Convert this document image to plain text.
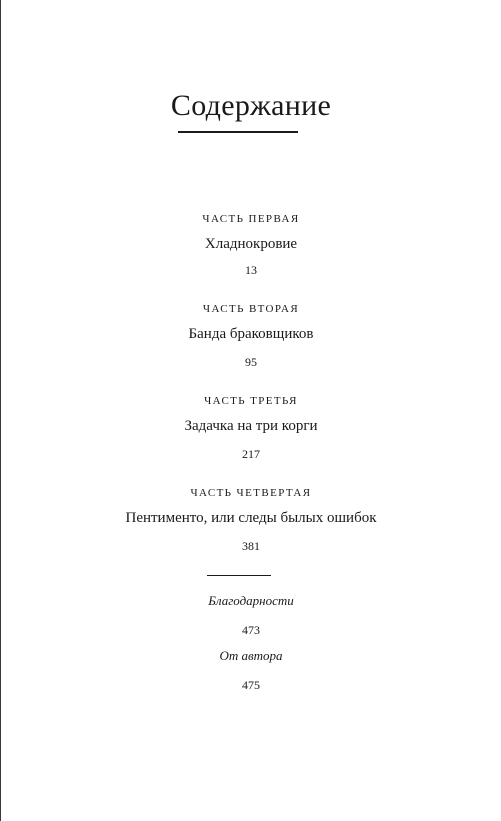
Содержание
ЧАСТЬ ПЕРВАЯ
Хладнокровие
13
ЧАСТЬ ВТОРАЯ
Банда браковщиков
95
ЧАСТЬ ТРЕТЬЯ
Задачка на три корги
217
ЧАСТЬ ЧЕТВЕРТАЯ
Пентименто, или следы былых ошибок
381
Благодарности
473
От автора
475
